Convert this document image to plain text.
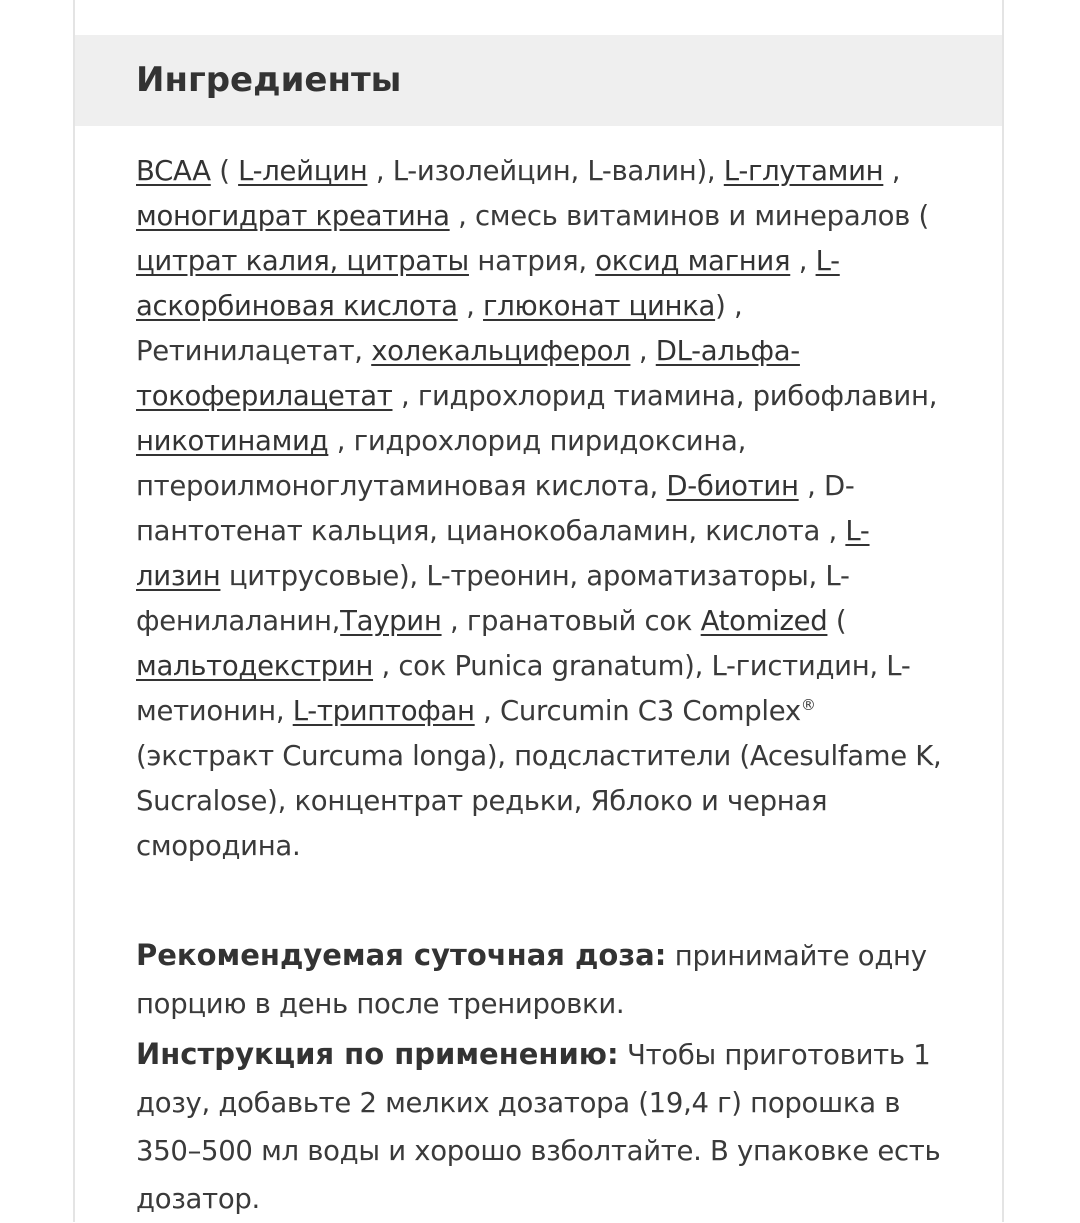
Ингредиенты

BCAA ( L-лейцин , L-изолейцин, L-валин), L-глутамин , моногидрат креатина , смесь витаминов и минералов ( цитрат калия, цитраты натрия, оксид магния , L-аскорбиновая кислота , глюконат цинка) , Ретинилацетат, холекальциферол , DL-альфа-токоферилацетат , гидрохлорид тиамина, рибофлавин, никотинамид , гидрохлорид пиридоксина, птероилмоноглутаминовая кислота, D-биотин , D-пантотенат кальция, цианокобаламин, кислота , L-лизин цитрусовые), L-треонин, ароматизаторы, L-фенилаланин,Таурин , гранатовый сок Atomized ( мальтодекстрин , сок Punica granatum), L-гистидин, L-метионин, L-триптофан , Curcumin C3 Complex® (экстракт Curcuma longa), подсластители (Acesulfame K, Sucralose), концентрат редьки, Яблоко и черная смородина.

Рекомендуемая суточная доза: принимайте одну порцию в день после тренировки.

Инструкция по применению: Чтобы приготовить 1 дозу, добавьте 2 мелких дозатора (19,4 г) порошка в 350–500 мл воды и хорошо взболтайте. В упаковке есть дозатор.
